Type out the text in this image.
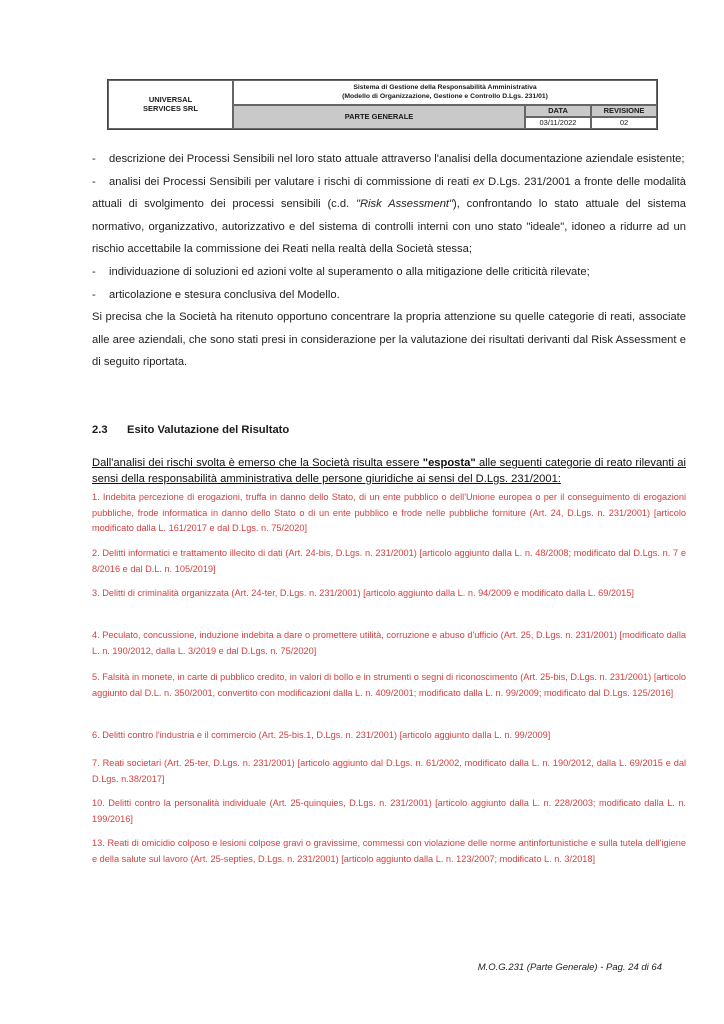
UNIVERSAL
SERVICES SRL
Sistema di Gestione della Responsabilità Amministrativa
(Modello di Organizzazione, Gestione e Controllo D.Lgs. 231/01)
PARTE GENERALE
DATA	REVISIONE
03/11/2022	02

- descrizione dei Processi Sensibili nel loro stato attuale attraverso l'analisi della documentazione aziendale esistente;

- analisi dei Processi Sensibili per valutare i rischi di commissione di reati ex D.Lgs. 231/2001 a fronte delle modalità attuali di svolgimento dei processi sensibili (c.d. "Risk Assessment"), confrontando lo stato attuale del sistema normativo, organizzativo, autorizzativo e del sistema di controlli interni con uno stato "ideale", idoneo a ridurre ad un rischio accettabile la commissione dei Reati nella realtà della Società stessa;

- individuazione di soluzioni ed azioni volte al superamento o alla mitigazione delle criticità rilevate;

- articolazione e stesura conclusiva del Modello.

Si precisa che la Società ha ritenuto opportuno concentrare la propria attenzione su quelle categorie di reati, associate alle aree aziendali, che sono stati presi in considerazione per la valutazione dei risultati derivanti dal Risk Assessment e di seguito riportata.

2.3 Esito Valutazione del Risultato
Dall'analisi dei rischi svolta è emerso che la Società risulta essere "esposta" alle seguenti categorie di reato rilevanti ai sensi della responsabilità amministrativa delle persone giuridiche ai sensi del D.Lgs. 231/2001:
1. Indebita percezione di erogazioni, truffa in danno dello Stato, di un ente pubblico o dell'Unione europea o per il conseguimento di erogazioni pubbliche, frode informatica in danno dello Stato o di un ente pubblico e frode nelle pubbliche forniture (Art. 24, D.Lgs. n. 231/2001) [articolo modificato dalla L. 161/2017 e dal D.Lgs. n. 75/2020]
2. Delitti informatici e trattamento illecito di dati (Art. 24-bis, D.Lgs. n. 231/2001) [articolo aggiunto dalla L. n. 48/2008; modificato dal D.Lgs. n. 7 e 8/2016 e dal D.L. n. 105/2019]
3. Delitti di criminalità organizzata (Art. 24-ter, D.Lgs. n. 231/2001) [articolo aggiunto dalla L. n. 94/2009 e modificato dalla L. 69/2015]
4. Peculato, concussione, induzione indebita a dare o promettere utilità, corruzione e abuso d'ufficio (Art. 25, D.Lgs. n. 231/2001) [modificato dalla L. n. 190/2012, dalla L. 3/2019 e dal D.Lgs. n. 75/2020]
5. Falsità in monete, in carte di pubblico credito, in valori di bollo e in strumenti o segni di riconoscimento (Art. 25-bis, D.Lgs. n. 231/2001) [articolo aggiunto dal D.L. n. 350/2001, convertito con modificazioni dalla L. n. 409/2001; modificato dalla L. n. 99/2009; modificato dal D.Lgs. 125/2016]
6. Delitti contro l'industria e il commercio (Art. 25-bis.1, D.Lgs. n. 231/2001) [articolo aggiunto dalla L. n. 99/2009]
7. Reati societari (Art. 25-ter, D.Lgs. n. 231/2001) [articolo aggiunto dal D.Lgs. n. 61/2002, modificato dalla L. n. 190/2012, dalla L. 69/2015 e dal D.Lgs. n.38/2017]
10. Delitti contro la personalità individuale (Art. 25-quinquies, D.Lgs. n. 231/2001) [articolo aggiunto dalla L. n. 228/2003; modificato dalla L. n. 199/2016]
13. Reati di omicidio colposo e lesioni colpose gravi o gravissime, commessi con violazione delle norme antinfortunistiche e sulla tutela dell'igiene e della salute sul lavoro (Art. 25-septies, D.Lgs. n. 231/2001) [articolo aggiunto dalla L. n. 123/2007; modificato L. n. 3/2018]
M.O.G.231 (Parte Generale) - Pag. 24 di 64
